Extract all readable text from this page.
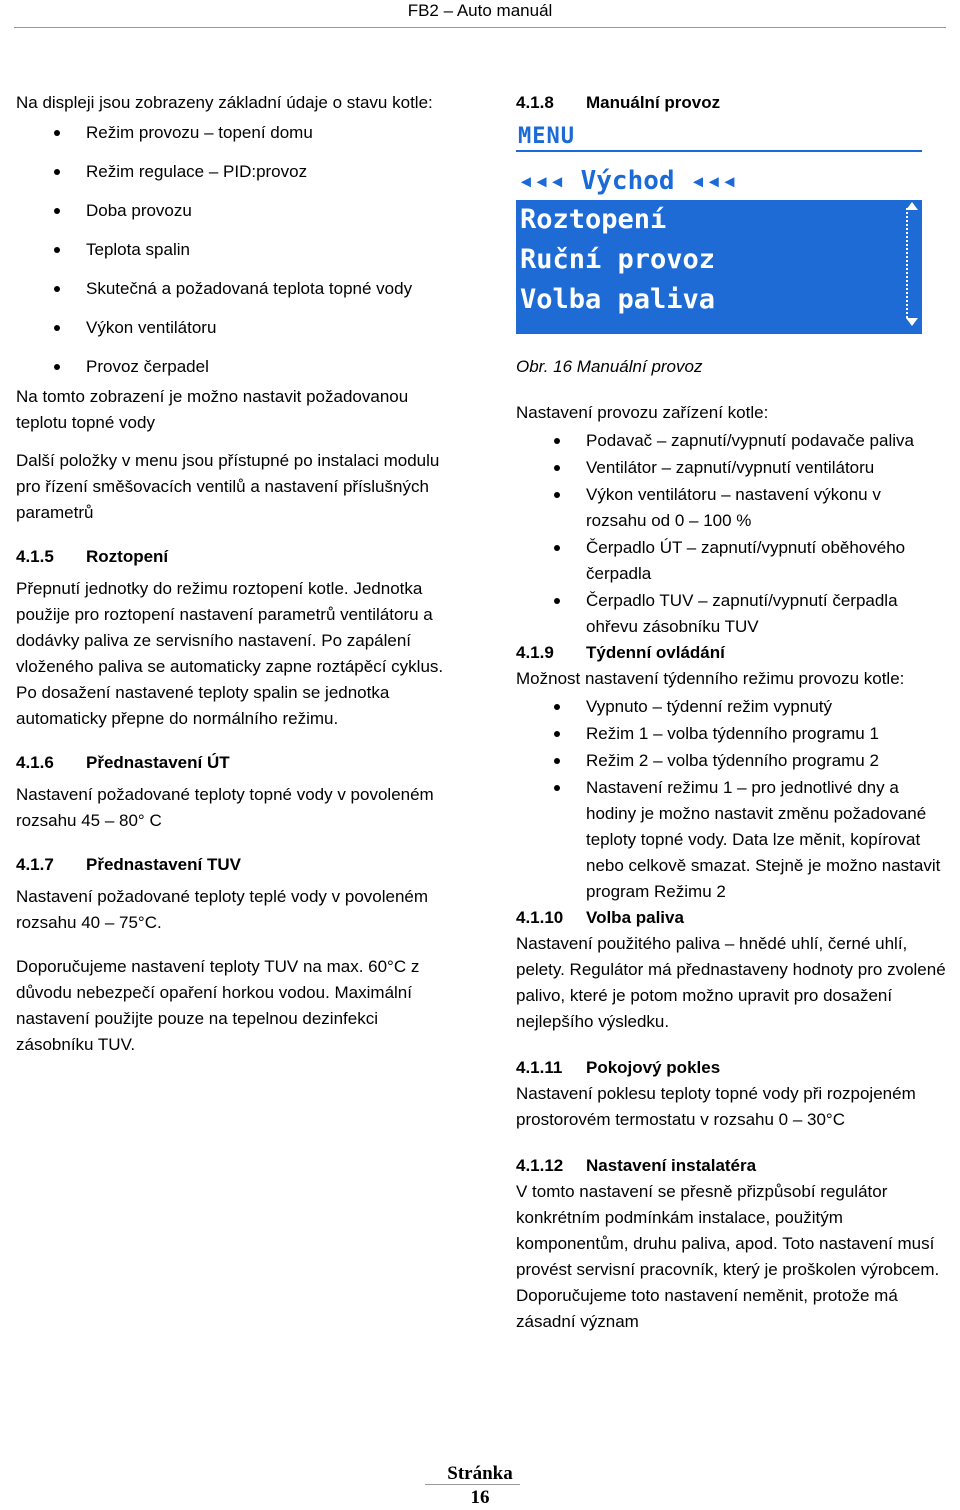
FB2 – Auto manuál

Na displeji jsou zobrazeny základní údaje o stavu kotle:

Režim provozu – topení domu
Režim regulace – PID:provoz
Doba provozu
Teplota spalin
Skutečná a požadovaná teplota topné vody
Výkon ventilátoru
Provoz čerpadel

Na tomto zobrazení je možno nastavit požadovanou teplotu topné vody

Další položky v menu jsou přístupné po instalaci modulu pro řízení směšovacích ventilů a nastavení příslušných parametrů

4.1.5 Roztopení

Přepnutí jednotky do režimu roztopení kotle. Jednotka použije pro roztopení nastavení parametrů ventilátoru a dodávky paliva ze servisního nastavení. Po zapálení vloženého paliva se automaticky zapne roztápěcí cyklus. Po dosažení nastavené teploty spalin se jednotka automaticky přepne do normálního režimu.

4.1.6 Přednastavení ÚT

Nastavení požadované teploty topné vody v povoleném rozsahu 45 – 80° C

4.1.7 Přednastavení TUV

Nastavení požadované teploty teplé vody v povoleném rozsahu 40 – 75°C.

Doporučujeme nastavení teploty TUV na max. 60°C z důvodu nebezpečí opaření horkou vodou. Maximální nastavení použijte pouze na tepelnou dezinfekci zásobníku TUV.

4.1.8 Manuální provoz

MENU
◂◂◂ Východ ◂◂◂
Roztopení
Ruční provoz
Volba paliva

Obr. 16 Manuální provoz

Nastavení provozu zařízení kotle:

Podavač – zapnutí/vypnutí podavače paliva
Ventilátor – zapnutí/vypnutí ventilátoru
Výkon ventilátoru – nastavení výkonu v rozsahu od 0 – 100 %
Čerpadlo ÚT – zapnutí/vypnutí oběhového čerpadla
Čerpadlo TUV – zapnutí/vypnutí čerpadla ohřevu zásobníku TUV

4.1.9 Týdenní ovládání

Možnost nastavení týdenního režimu provozu kotle:

Vypnuto – týdenní režim vypnutý
Režim 1 – volba týdenního programu 1
Režim 2 – volba týdenního programu 2
Nastavení režimu 1 – pro jednotlivé dny a hodiny je možno nastavit změnu požadované teploty topné vody. Data lze měnit, kopírovat nebo celkově smazat. Stejně je možno nastavit program Režimu 2

4.1.10 Volba paliva

Nastavení použitého paliva – hnědé uhlí, černé uhlí, pelety. Regulátor má přednastaveny hodnoty pro zvolené palivo, které je potom možno upravit pro dosažení nejlepšího výsledku.

4.1.11 Pokojový pokles

Nastavení poklesu teploty topné vody při rozpojeném prostorovém termostatu v rozsahu 0 – 30°C

4.1.12 Nastavení instalatéra

V tomto nastavení se přesně přizpůsobí regulátor konkrétním podmínkám instalace, použitým komponentům, druhu paliva, apod. Toto nastavení musí provést servisní pracovník, který je proškolen výrobcem. Doporučujeme toto nastavení neměnit, protože má zásadní význam

Stránka
16
